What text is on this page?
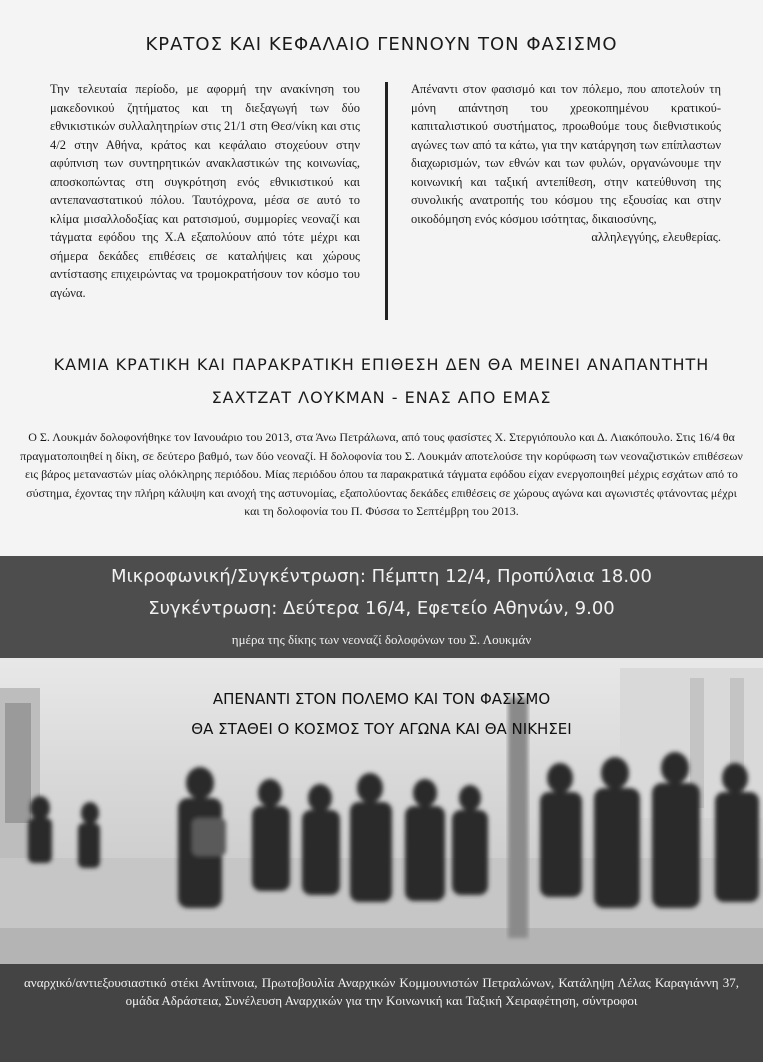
ΚΡΑΤΟΣ ΚΑΙ ΚΕΦΑΛΑΙΟ ΓΕΝΝΟΥΝ ΤΟΝ ΦΑΣΙΣΜΟ
Την τελευταία περίοδο, με αφορμή την ανακίνηση του μακεδονικού ζητήματος και τη διεξαγωγή των δύο εθνικιστικών συλλαλητηρίων στις 21/1 στη Θεσ/νίκη και στις 4/2 στην Αθήνα, κράτος και κεφάλαιο στοχεύουν στην αφύπνιση των συντηρητικών ανακλαστικών της κοινωνίας, αποσκοπώντας στη συγκρότηση ενός εθνικιστικού και αντεπαναστατικού πόλου. Ταυτόχρονα, μέσα σε αυτό το κλίμα μισαλλοδοξίας και ρατσισμού, συμμορίες νεοναζί και τάγματα εφόδου της Χ.Α εξαπολύουν από τότε μέχρι και σήμερα δεκάδες επιθέσεις σε καταλήψεις και χώρους αντίστασης επιχειρώντας να τρομοκρατήσουν τον κόσμο του αγώνα.
Απέναντι στον φασισμό και τον πόλεμο, που αποτελούν τη μόνη απάντηση του χρεοκοπημένου κρατικού- καπιταλιστικού συστήματος, προωθούμε τους διεθνιστικούς αγώνες των από τα κάτω, για την κατάργηση των επίπλαστων διαχωρισμών, των εθνών και των φυλών, οργανώνουμε την κοινωνική και ταξική αντεπίθεση, στην κατεύθυνση της συνολικής ανατροπής του κόσμου της εξουσίας και στην οικοδόμηση ενός κόσμου ισότητας, δικαιοσύνης,
αλληλεγγύης, ελευθερίας.
ΚΑΜΙΑ ΚΡΑΤΙΚΗ ΚΑΙ ΠΑΡΑΚΡΑΤΙΚΗ ΕΠΙΘΕΣΗ ΔΕΝ ΘΑ ΜΕΙΝΕΙ ΑΝΑΠΑΝΤΗΤΗ
ΣΑΧΤΖΑΤ ΛΟΥΚΜΑΝ - ΕΝΑΣ ΑΠΟ ΕΜΑΣ
Ο Σ. Λουκμάν δολοφονήθηκε τον Ιανουάριο του 2013, στα Άνω Πετράλωνα, από τους φασίστες Χ. Στεργιόπουλο και Δ. Λιακόπουλο. Στις 16/4 θα πραγματοποιηθεί η δίκη, σε δεύτερο βαθμό, των δύο νεοναζί. Η δολοφονία του Σ. Λουκμάν αποτελούσε την κορύφωση των νεοναζιστικών επιθέσεων εις βάρος μεταναστών μίας ολόκληρης περιόδου. Μίας περιόδου όπου τα παρακρατικά τάγματα εφόδου είχαν ενεργοποιηθεί μέχρις εσχάτων από το σύστημα, έχοντας την πλήρη κάλυψη και ανοχή της αστυνομίας, εξαπολύοντας δεκάδες επιθέσεις σε χώρους αγώνα και αγωνιστές φτάνοντας μέχρι και τη δολοφονία του Π. Φύσσα το Σεπτέμβρη του 2013.
Μικροφωνική/Συγκέντρωση: Πέμπτη 12/4, Προπύλαια 18.00
Συγκέντρωση: Δεύτερα 16/4, Εφετείο Αθηνών, 9.00
ημέρα της δίκης των νεοναζί δολοφόνων του Σ. Λουκμάν
ΑΠΕΝΑΝΤΙ ΣΤΟΝ ΠΟΛΕΜΟ ΚΑΙ ΤΟΝ ΦΑΣΙΣΜΟ
ΘΑ ΣΤΑΘΕΙ Ο ΚΟΣΜΟΣ ΤΟΥ ΑΓΩΝΑ ΚΑΙ ΘΑ ΝΙΚΗΣΕΙ
αναρχικό/αντιεξουσιαστικό στέκι Αντίπνοια, Πρωτοβουλία Αναρχικών Κομμουνιστών Πετραλώνων, Κατάληψη Λέλας Καραγιάννη 37, ομάδα Αδράστεια, Συνέλευση Αναρχικών για την Κοινωνική και Ταξική Χειραφέτηση, σύντροφοι
